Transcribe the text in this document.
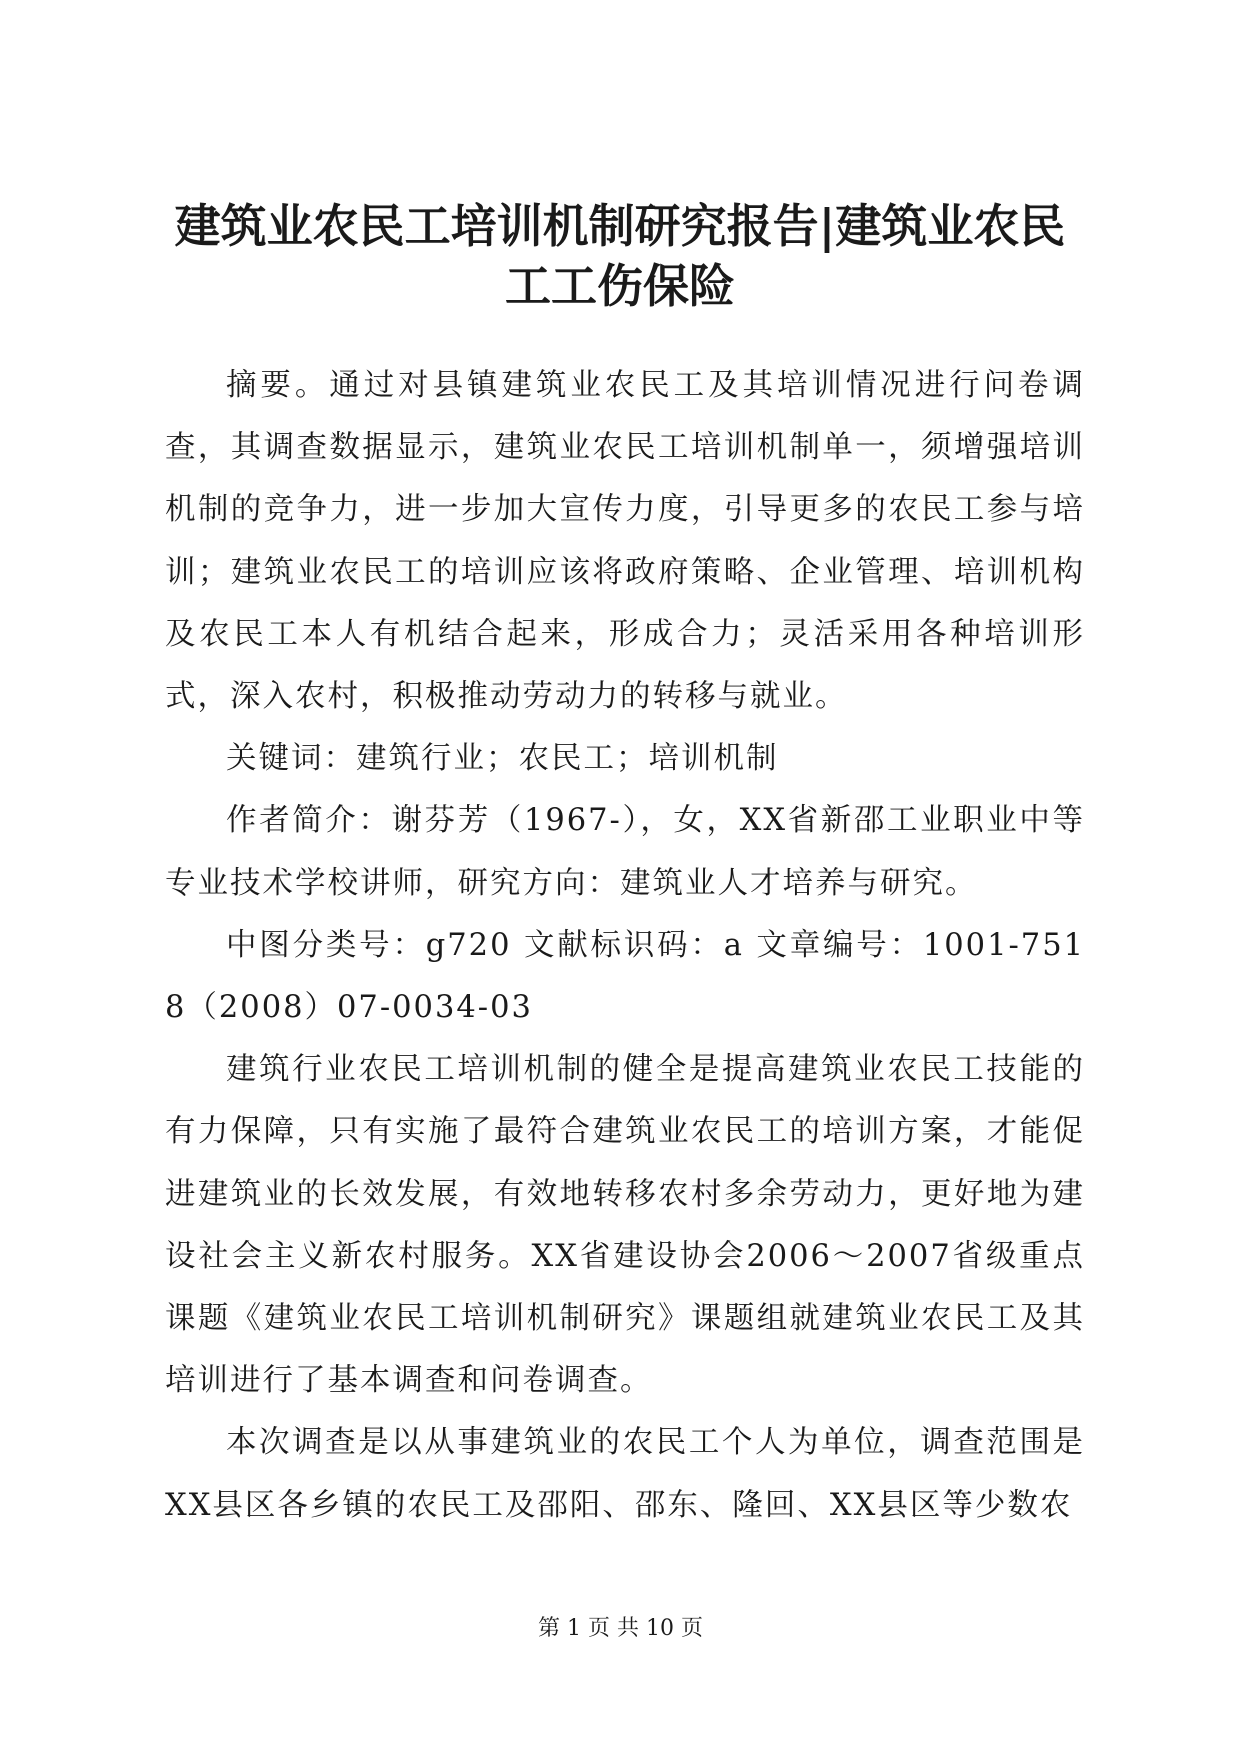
建筑业农民工培训机制研究报告|建筑业农民
工工伤保险

摘要。通过对县镇建筑业农民工及其培训情况进行问卷调查，其调查数据显示，建筑业农民工培训机制单一，须增强培训机制的竞争力，进一步加大宣传力度，引导更多的农民工参与培训；建筑业农民工的培训应该将政府策略、企业管理、培训机构及农民工本人有机结合起来，形成合力；灵活采用各种培训形式，深入农村，积极推动劳动力的转移与就业。

关键词：建筑行业；农民工；培训机制

作者简介：谢芬芳（1967-），女，XX省新邵工业职业中等专业技术学校讲师，研究方向：建筑业人才培养与研究。

中图分类号：g720 文献标识码：a 文章编号：1001-7518（2008）07-0034-03

建筑行业农民工培训机制的健全是提高建筑业农民工技能的有力保障，只有实施了最符合建筑业农民工的培训方案，才能促进建筑业的长效发展，有效地转移农村多余劳动力，更好地为建设社会主义新农村服务。XX省建设协会2006～2007省级重点课题《建筑业农民工培训机制研究》课题组就建筑业农民工及其培训进行了基本调查和问卷调查。

本次调查是以从事建筑业的农民工个人为单位，调查范围是XX县区各乡镇的农民工及邵阳、邵东、隆回、XX县区等少数农

第 1 页 共 10 页
